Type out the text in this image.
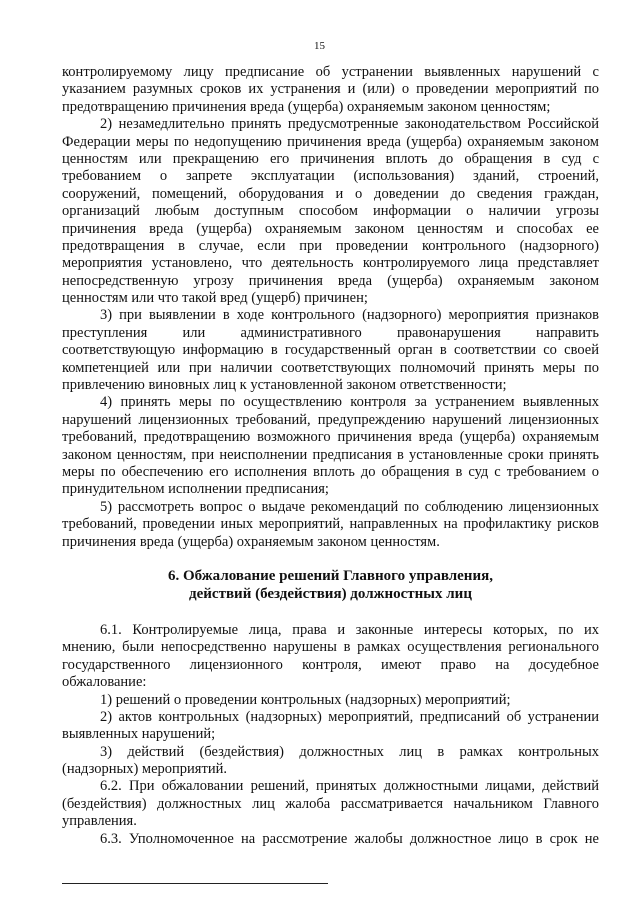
15
контролируемому лицу предписание об устранении выявленных нарушений с
указанием разумных сроков их устранения и (или) о проведении мероприятий по
предотвращению причинения вреда (ущерба) охраняемым законом ценностям;
2) незамедлительно принять предусмотренные законодательством Российской
Федерации меры по недопущению причинения вреда (ущерба) охраняемым законом
ценностям или прекращению его причинения вплоть до обращения в суд с
требованием о запрете эксплуатации (использования) зданий, строений,
сооружений, помещений, оборудования и о доведении до сведения граждан,
организаций любым доступным способом информации о наличии угрозы
причинения вреда (ущерба) охраняемым законом ценностям и способах ее
предотвращения в случае, если при проведении контрольного (надзорного)
мероприятия установлено, что деятельность контролируемого лица представляет
непосредственную угрозу причинения вреда (ущерба) охраняемым законом
ценностям или что такой вред (ущерб) причинен;
3) при выявлении в ходе контрольного (надзорного) мероприятия признаков
преступления или административного правонарушения направить
соответствующую информацию в государственный орган в соответствии со своей
компетенцией или при наличии соответствующих полномочий принять меры по
привлечению виновных лиц к установленной законом ответственности;
4) принять меры по осуществлению контроля за устранением выявленных
нарушений лицензионных требований, предупреждению нарушений лицензионных
требований, предотвращению возможного причинения вреда (ущерба) охраняемым
законом ценностям, при неисполнении предписания в установленные сроки принять
меры по обеспечению его исполнения вплоть до обращения в суд с требованием о
принудительном исполнении предписания;
5) рассмотреть вопрос о выдаче рекомендаций по соблюдению лицензионных
требований, проведении иных мероприятий, направленных на профилактику рисков
причинения вреда (ущерба) охраняемым законом ценностям.
6. Обжалование решений Главного управления,
действий (бездействия) должностных лиц
6.1. Контролируемые лица, права и законные интересы которых, по их
мнению, были непосредственно нарушены в рамках осуществления регионального
государственного лицензионного контроля, имеют право на досудебное
обжалование:
1) решений о проведении контрольных (надзорных) мероприятий;
2) актов контрольных (надзорных) мероприятий, предписаний об устранении
выявленных нарушений;
3) действий (бездействия) должностных лиц в рамках контрольных
(надзорных) мероприятий.
6.2. При обжаловании решений, принятых должностными лицами, действий
(бездействия) должностных лиц жалоба рассматривается начальником Главного
управления.
6.3. Уполномоченное на рассмотрение жалобы должностное лицо в срок не
